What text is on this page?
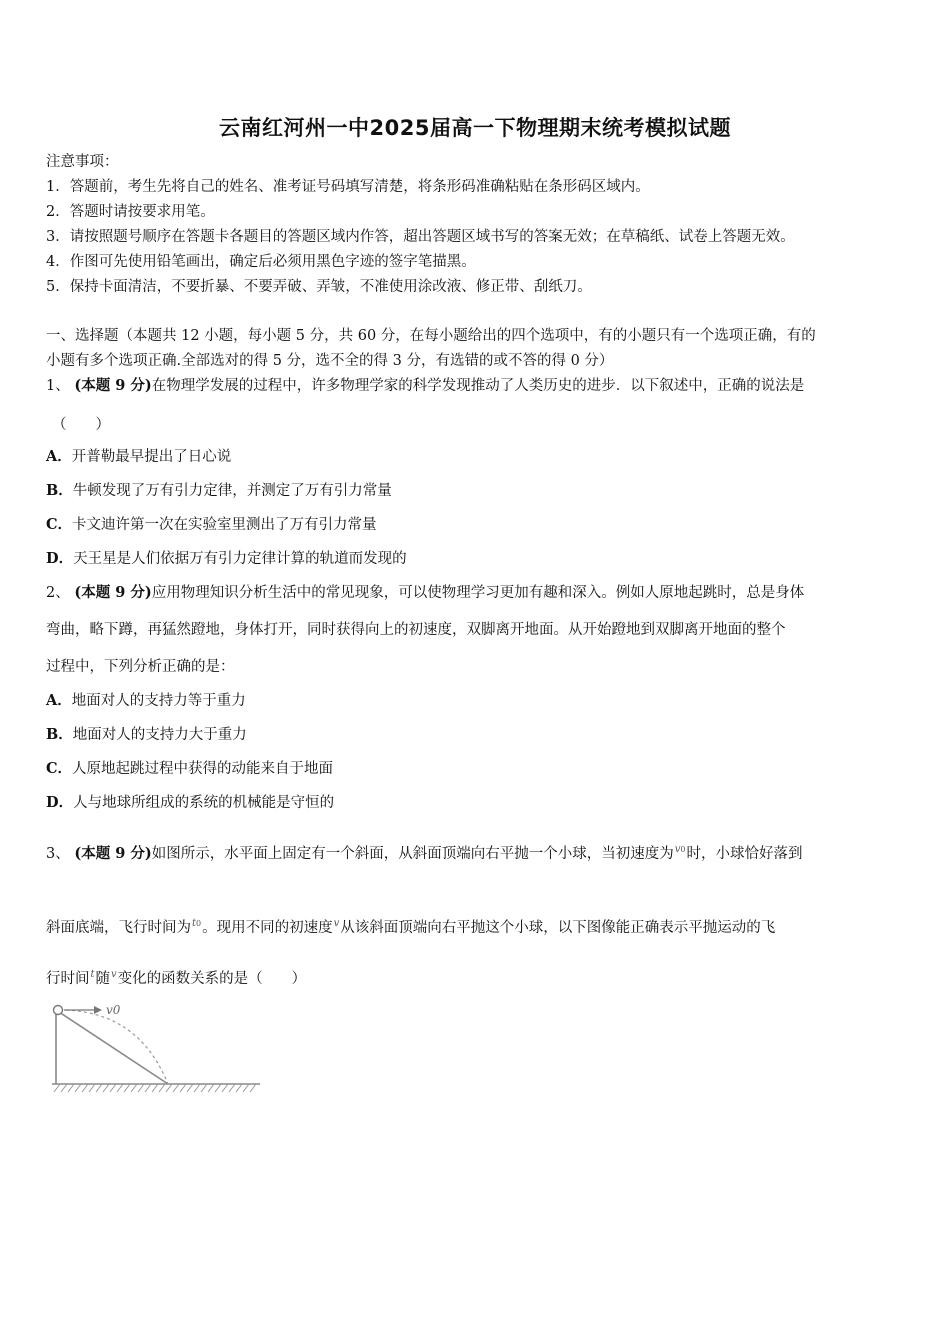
云南红河州一中2025届高一下物理期末统考模拟试题
注意事项：
1．答题前，考生先将自己的姓名、准考证号码填写清楚，将条形码准确粘贴在条形码区域内。
2．答题时请按要求用笔。
3．请按照题号顺序在答题卡各题目的答题区域内作答，超出答题区域书写的答案无效；在草稿纸、试卷上答题无效。
4．作图可先使用铅笔画出，确定后必须用黑色字迹的签字笔描黑。
5．保持卡面清洁，不要折暴、不要弄破、弄皱，不准使用涂改液、修正带、刮纸刀。
一、选择题（本题共 12 小题，每小题 5 分，共 60 分，在每小题给出的四个选项中，有的小题只有一个选项正确，有的
小题有多个选项正确.全部选对的得 5 分，选不全的得 3 分，有选错的或不答的得 0 分）
1、 (本题 9 分)在物理学发展的过程中，许多物理学家的科学发现推动了人类历史的进步．以下叙述中，正确的说法是
（　　）
A．开普勒最早提出了日心说
B．牛顿发现了万有引力定律，并测定了万有引力常量
C．卡文迪许第一次在实验室里测出了万有引力常量
D．天王星是人们依据万有引力定律计算的轨道而发现的
2、 (本题 9 分)应用物理知识分析生活中的常见现象，可以使物理学习更加有趣和深入。例如人原地起跳时，总是身体
弯曲，略下蹲，再猛然蹬地，身体打开，同时获得向上的初速度，双脚离开地面。从开始蹬地到双脚离开地面的整个
过程中，下列分析正确的是：
A．地面对人的支持力等于重力
B．地面对人的支持力大于重力
C．人原地起跳过程中获得的动能来自于地面
D．人与地球所组成的系统的机械能是守恒的
3、 (本题 9 分)如图所示，水平面上固定有一个斜面，从斜面顶端向右平抛一个小球，当初速度为$^{v0}$时，小球恰好落到
斜面底端，飞行时间为$^{t0}$。现用不同的初速度$^v$从该斜面顶端向右平抛这个小球，以下图像能正确表示平抛运动的飞
行时间$^t$随$^v$变化的函数关系的是（　　）
v0
